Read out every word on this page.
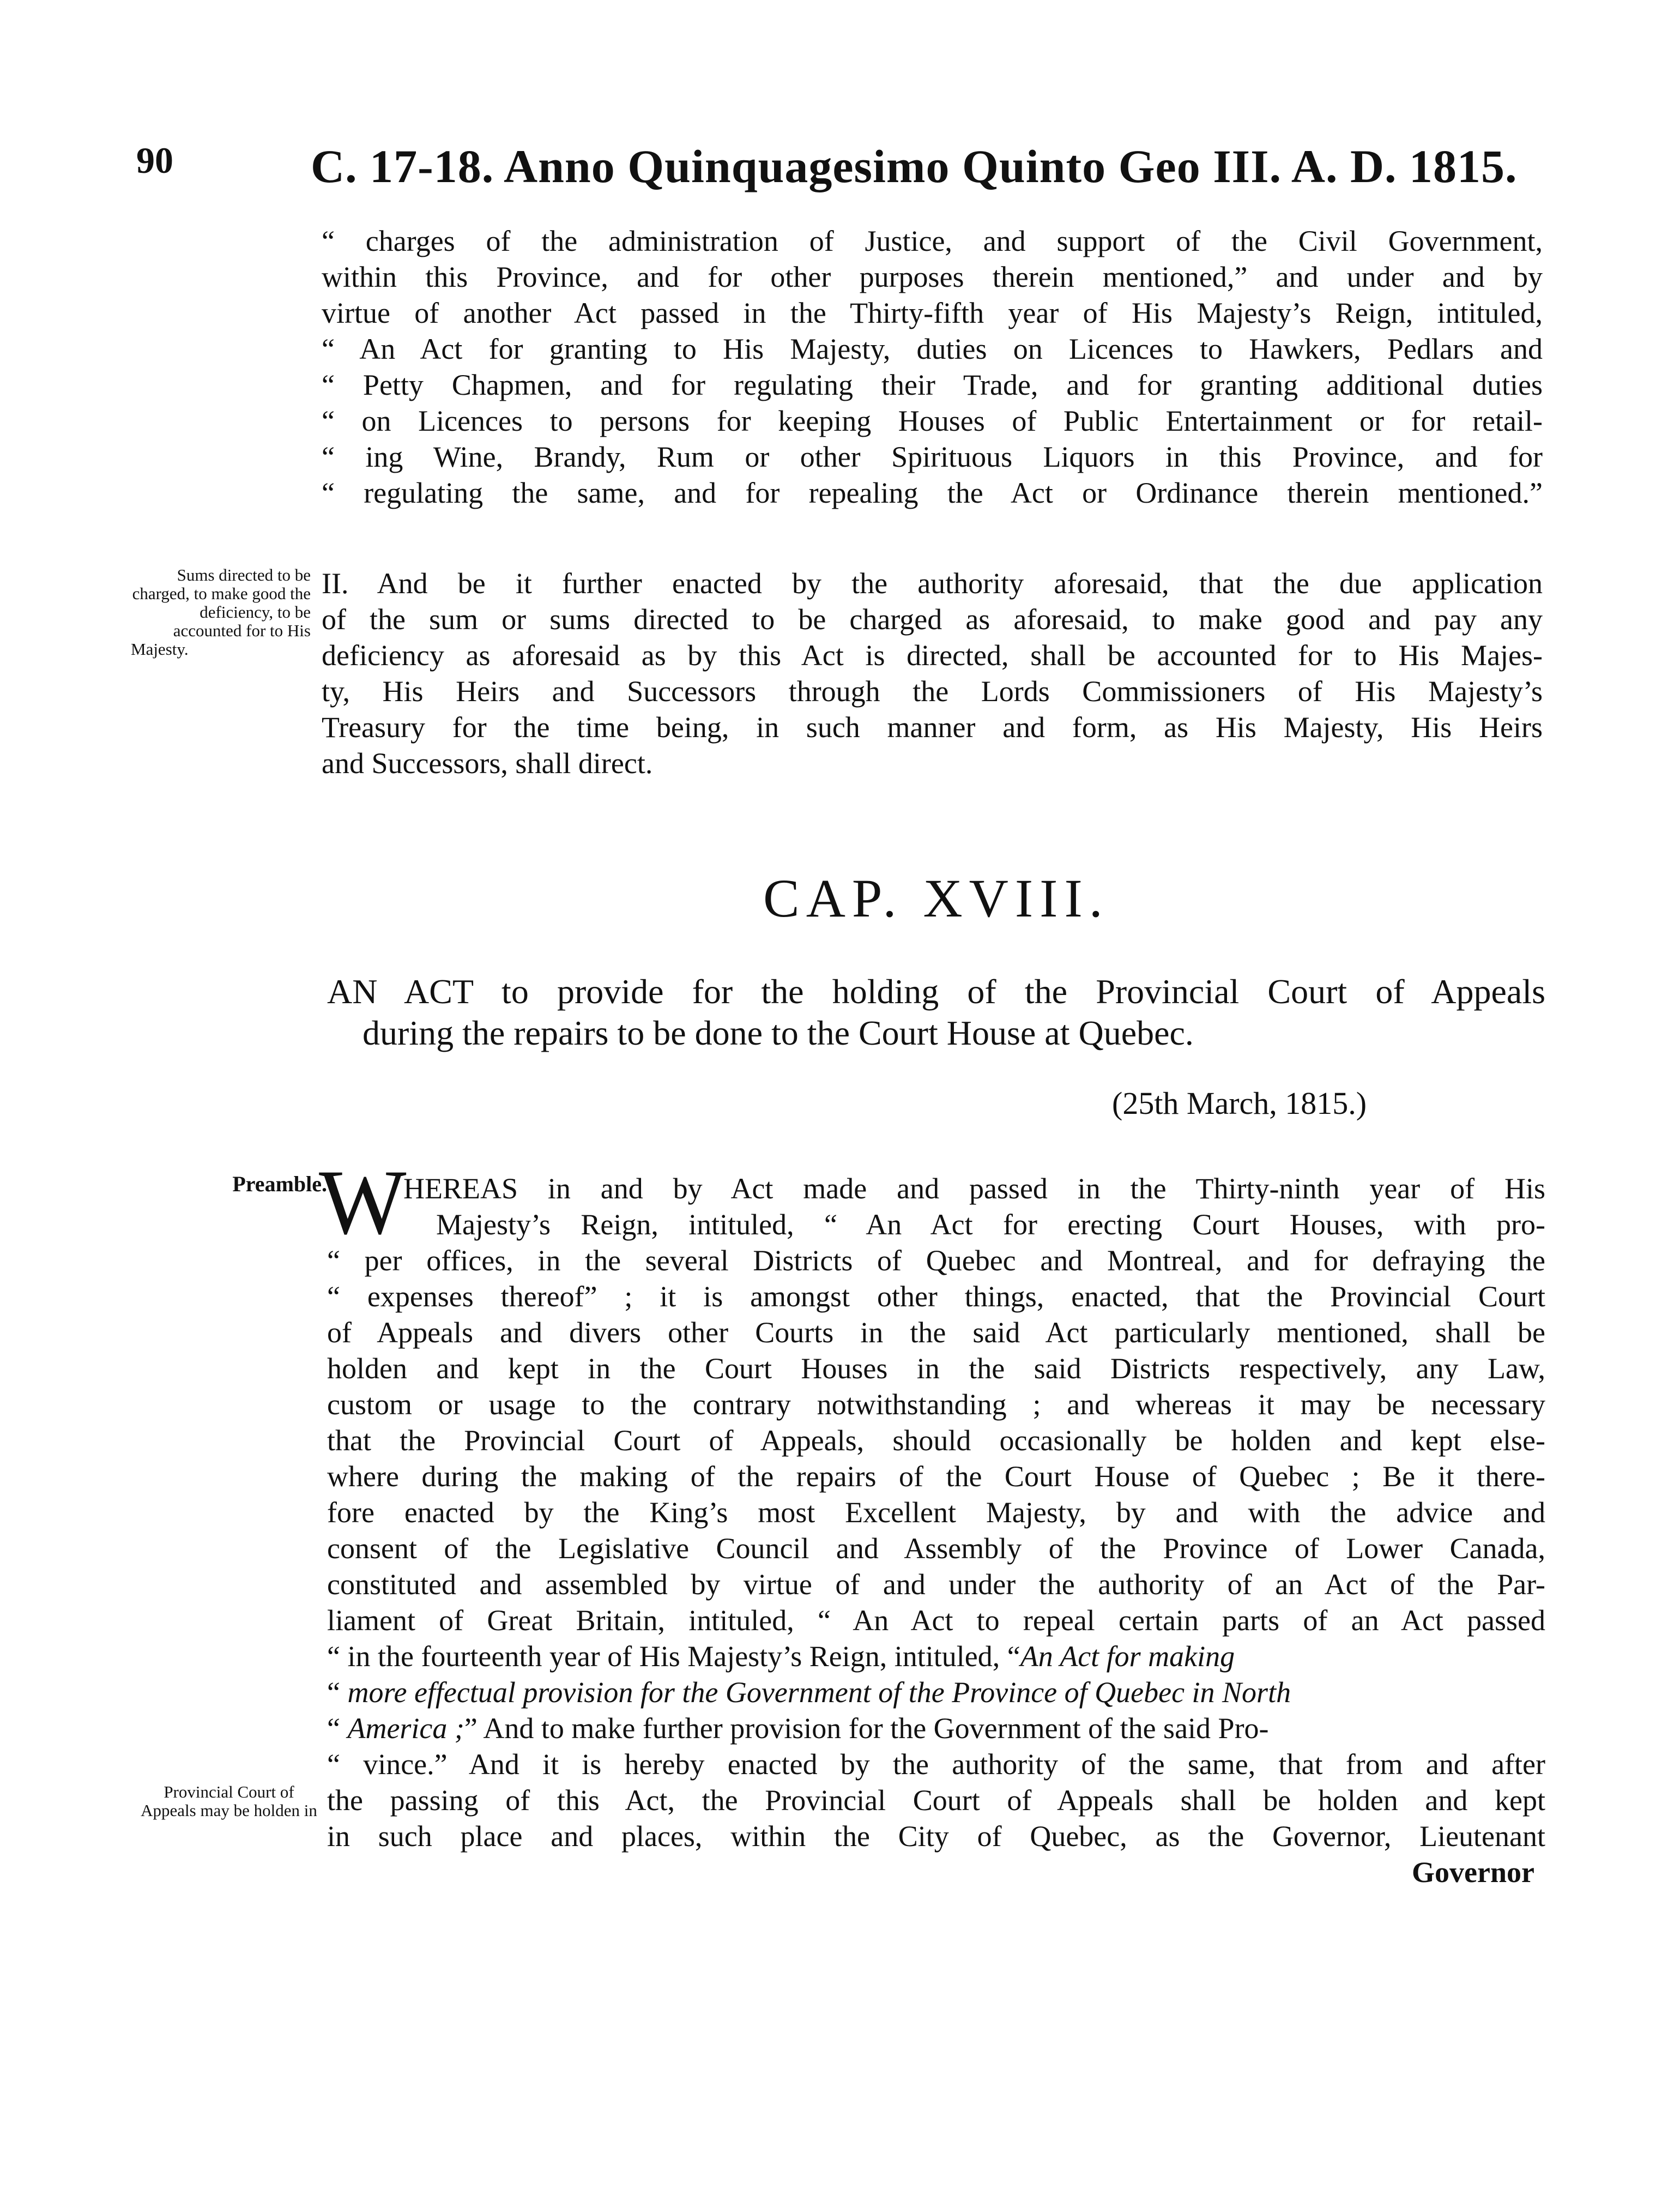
90	C. 17-18. Anno Quinquagesimo Quinto Geo III. A. D. 1815.
“ charges of the administration of Justice, and support of the Civil Government,
within this Province, and for other purposes therein mentioned,” and under and by
virtue of another Act passed in the Thirty-fifth year of His Majesty’s Reign, intituled,
“ An Act for granting to His Majesty, duties on Licences to Hawkers, Pedlars and
“ Petty Chapmen, and for regulating their Trade, and for granting additional duties
“ on Licences to persons for keeping Houses of Public Entertainment or for retail-
“ ing Wine, Brandy, Rum or other Spirituous Liquors in this Province, and for
“ regulating the same, and for repealing the Act or Ordinance therein mentioned.”
Sums directed to be charged, to make good the deficiency, to be accounted for to His Majesty.
II. And be it further enacted by the authority aforesaid, that the due application
of the sum or sums directed to be charged as aforesaid, to make good and pay any
deficiency as aforesaid as by this Act is directed, shall be accounted for to His Majes-
ty, His Heirs and Successors through the Lords Commissioners of His Majesty’s
Treasury for the time being, in such manner and form, as His Majesty, His Heirs
and Successors, shall direct.
CAP. XVIII.
AN ACT to provide for the holding of the Provincial Court of Appeals
during the repairs to be done to the Court House at Quebec.
(25th March, 1815.)
Preamble.
W
HEREAS in and by Act made and passed in the Thirty-ninth year of His
Majesty’s Reign, intituled, “ An Act for erecting Court Houses, with pro-
“ per offices, in the several Districts of Quebec and Montreal, and for defraying the
“ expenses thereof” ; it is amongst other things, enacted, that the Provincial Court
of Appeals and divers other Courts in the said Act particularly mentioned, shall be
holden and kept in the Court Houses in the said Districts respectively, any Law,
custom or usage to the contrary notwithstanding ; and whereas it may be necessary
that the Provincial Court of Appeals, should occasionally be holden and kept else-
where during the making of the repairs of the Court House of Quebec ; Be it there-
fore enacted by the King’s most Excellent Majesty, by and with the advice and
consent of the Legislative Council and Assembly of the Province of Lower Canada,
constituted and assembled by virtue of and under the authority of an Act of the Par-
liament of Great Britain, intituled, “ An Act to repeal certain parts of an Act passed
“ in the fourteenth year of His Majesty’s Reign, intituled, “An Act for making
“ more effectual provision for the Government of the Province of Quebec in North
“ America ;” And to make further provision for the Government of the said Pro-
“ vince.” And it is hereby enacted by the authority of the same, that from and after
Provincial Court of Appeals may be holden in the passing of this Act, the Provincial Court of Appeals shall be holden and kept
in such place and places, within the City of Quebec, as the Governor, Lieutenant
Governor
